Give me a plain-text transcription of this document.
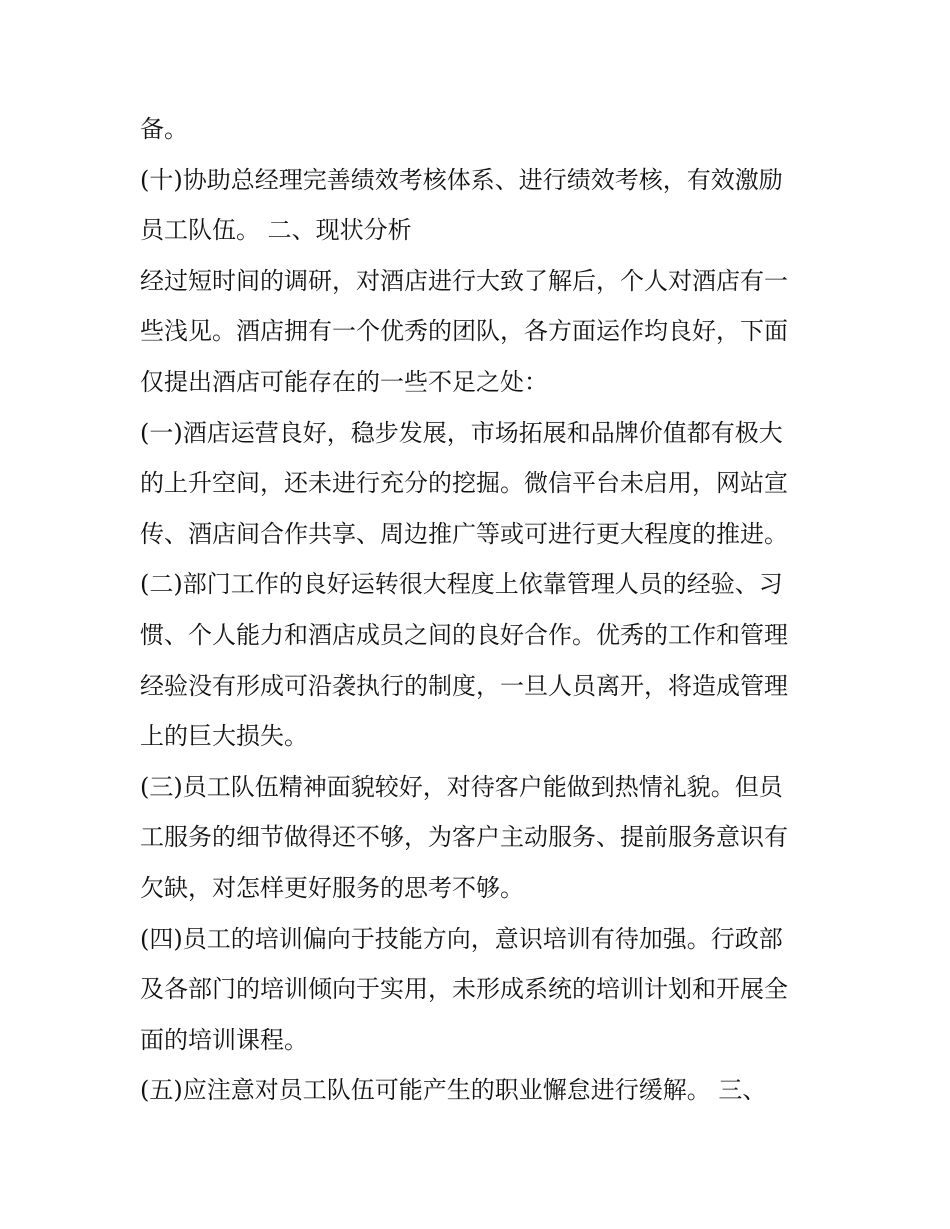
备。
(十)协助总经理完善绩效考核体系、进行绩效考核，有效激励
员工队伍。 二、现状分析
经过短时间的调研，对酒店进行大致了解后，个人对酒店有一
些浅见。酒店拥有一个优秀的团队，各方面运作均良好，下面
仅提出酒店可能存在的一些不足之处：
(一)酒店运营良好，稳步发展，市场拓展和品牌价值都有极大
的上升空间，还未进行充分的挖掘。微信平台未启用，网站宣
传、酒店间合作共享、周边推广等或可进行更大程度的推进。
(二)部门工作的良好运转很大程度上依靠管理人员的经验、习
惯、个人能力和酒店成员之间的良好合作。优秀的工作和管理
经验没有形成可沿袭执行的制度，一旦人员离开，将造成管理
上的巨大损失。
(三)员工队伍精神面貌较好，对待客户能做到热情礼貌。但员
工服务的细节做得还不够，为客户主动服务、提前服务意识有
欠缺，对怎样更好服务的思考不够。
(四)员工的培训偏向于技能方向，意识培训有待加强。行政部
及各部门的培训倾向于实用，未形成系统的培训计划和开展全
面的培训课程。
(五)应注意对员工队伍可能产生的职业懈怠进行缓解。 三、
